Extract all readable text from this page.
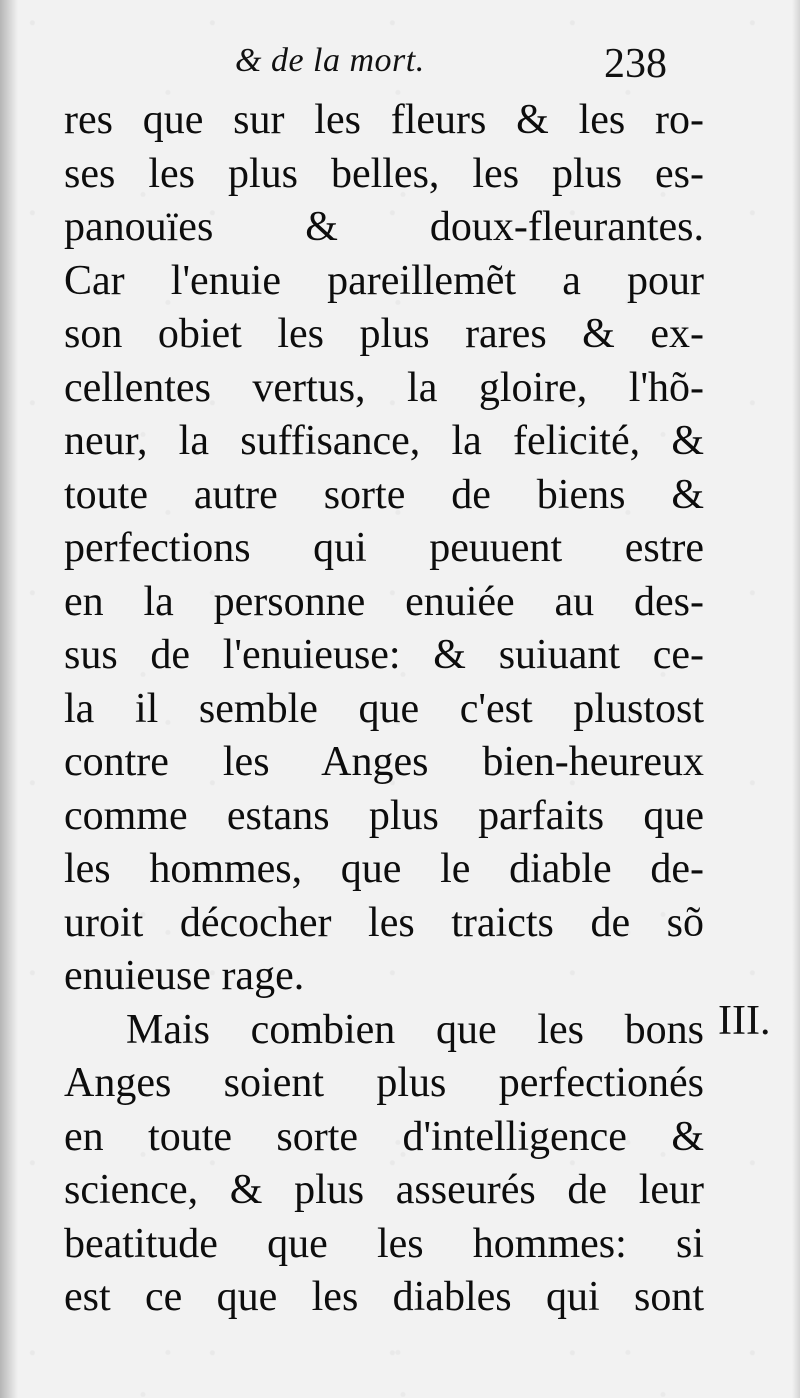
& de la mort.	238
res que sur les fleurs & les ro-
ses les plus belles, les plus es-
panouïes & doux-fleurantes.
Car l'enuie pareillemẽt a pour
son obiet les plus rares & ex-
cellentes vertus, la gloire, l'hõ-
neur, la suffisance, la felicité, &
toute autre sorte de biens &
perfections qui peuuent estre
en la personne enuiée au des-
sus de l'enuieuse: & suiuant ce-
la il semble que c'est plustost
contre les Anges bien-heureux
comme estans plus parfaits que
les hommes, que le diable de-
uroit décocher les traicts de sõ
enuieuse rage.
Mais combien que les bons
Anges soient plus perfectionés
en toute sorte d'intelligence &
science, & plus asseurés de leur
beatitude que les hommes: si
est ce que les diables qui sont
III.
